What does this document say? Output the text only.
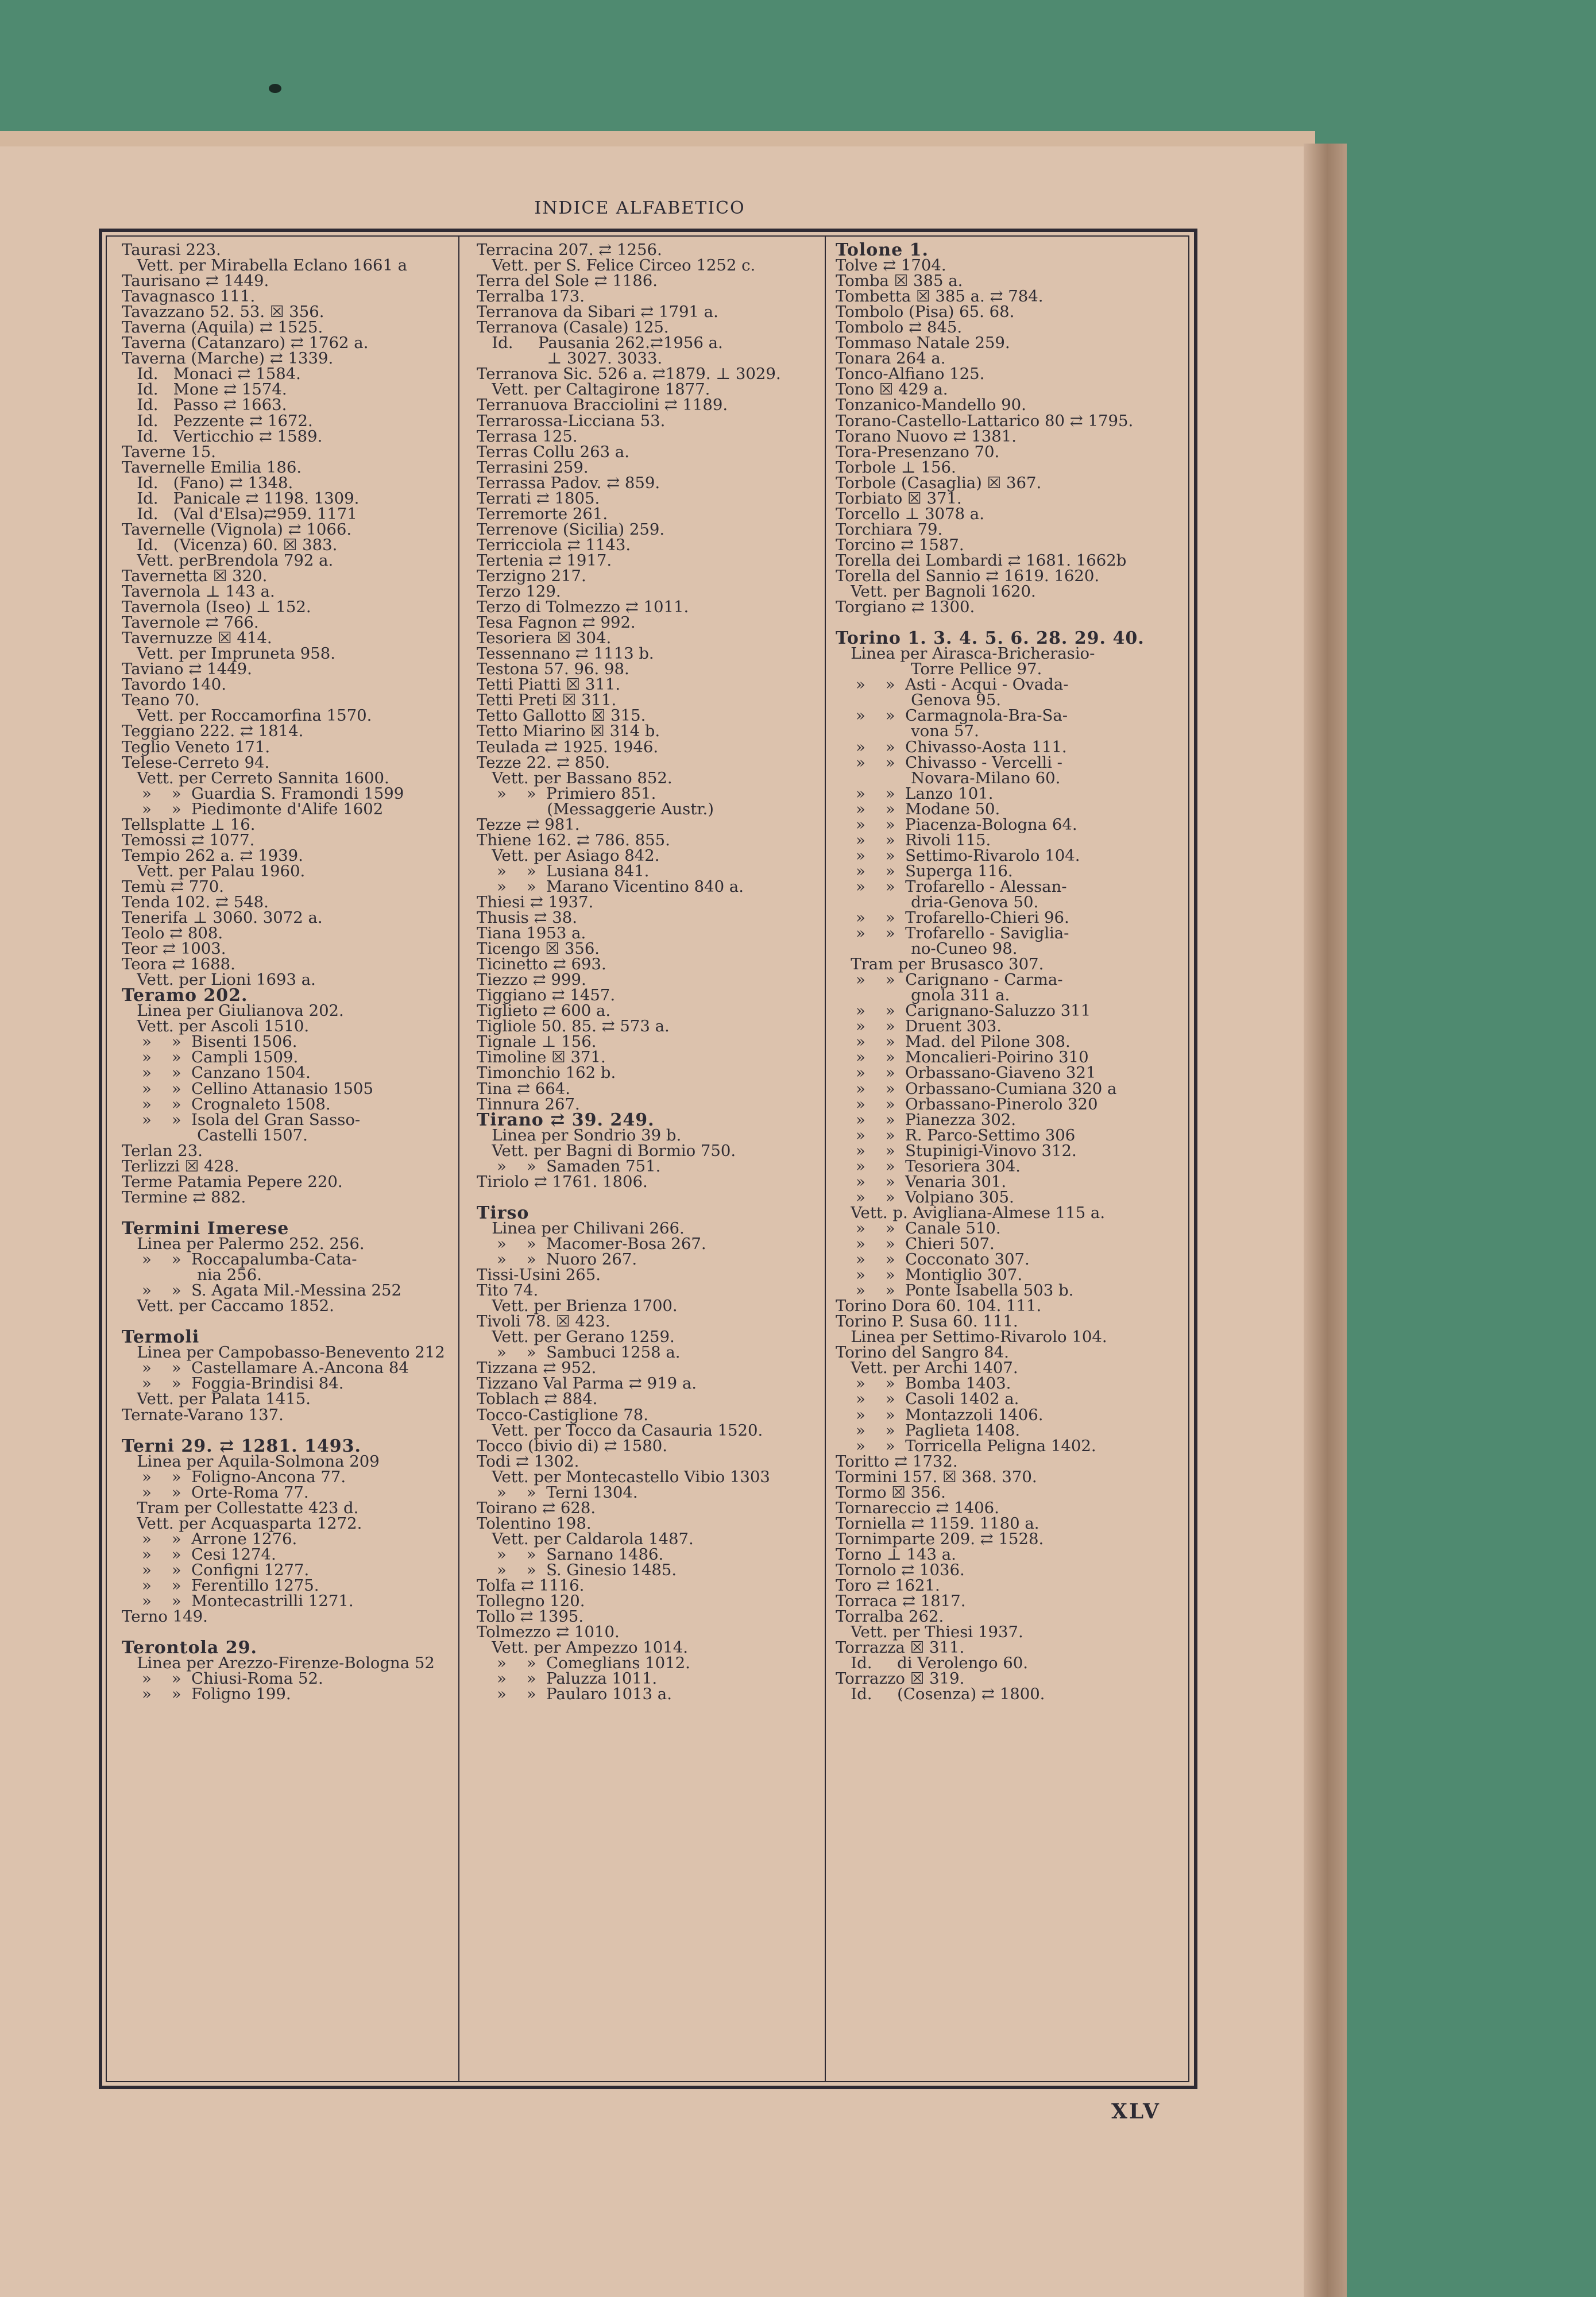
INDICE ALFABETICO
Taurasi 223.
Vett. per Mirabella Eclano 1661 a
Taurisano ⇄ 1449.
Tavagnasco 111.
Tavazzano 52. 53. ☒ 356.
Taverna (Aquila) ⇄ 1525.
Taverna (Catanzaro) ⇄ 1762 a.
Taverna (Marche) ⇄ 1339.
Id.   Monaci ⇄ 1584.
Id.   Mone ⇄ 1574.
Id.   Passo ⇄ 1663.
Id.   Pezzente ⇄ 1672.
Id.   Verticchio ⇄ 1589.
Taverne 15.
Tavernelle Emilia 186.
Id.   (Fano) ⇄ 1348.
Id.   Panicale ⇄ 1198. 1309.
Id.   (Val d'Elsa)⇄959. 1171
Tavernelle (Vignola) ⇄ 1066.
Id.   (Vicenza) 60. ☒ 383.
Vett. perBrendola 792 a.
Tavernetta ☒ 320.
Tavernola ⊥ 143 a.
Tavernola (Iseo) ⊥ 152.
Tavernole ⇄ 766.
Tavernuzze ☒ 414.
Vett. per Impruneta 958.
Taviano ⇄ 1449.
Tavordo 140.
Teano 70.
Vett. per Roccamorfina 1570.
Teggiano 222. ⇄ 1814.
Teglio Veneto 171.
Telese-Cerreto 94.
Vett. per Cerreto Sannita 1600.
»    »  Guardia S. Framondi 1599
»    »  Piedimonte d'Alife 1602
Tellsplatte ⊥ 16.
Temossi ⇄ 1077.
Tempio 262 a. ⇄ 1939.
Vett. per Palau 1960.
Temù ⇄ 770.
Tenda 102. ⇄ 548.
Tenerifa ⊥ 3060. 3072 a.
Teolo ⇄ 808.
Teor ⇄ 1003.
Teora ⇄ 1688.
Vett. per Lioni 1693 a.
Teramo 202.
Linea per Giulianova 202.
Vett. per Ascoli 1510.
»    »  Bisenti 1506.
»    »  Campli 1509.
»    »  Canzano 1504.
»    »  Cellino Attanasio 1505
»    »  Crognaleto 1508.
»    »  Isola del Gran Sasso-
Castelli 1507.
Terlan 23.
Terlizzi ☒ 428.
Terme Patamia Pepere 220.
Termine ⇄ 882.
Termini Imerese
Linea per Palermo 252. 256.
»    »  Roccapalumba-Cata-
nia 256.
»    »  S. Agata Mil.-Messina 252
Vett. per Caccamo 1852.
Termoli
Linea per Campobasso-Benevento 212
»    »  Castellamare A.-Ancona 84
»    »  Foggia-Brindisi 84.
Vett. per Palata 1415.
Ternate-Varano 137.
Terni 29. ⇄ 1281. 1493.
Linea per Aquila-Solmona 209
»    »  Foligno-Ancona 77.
»    »  Orte-Roma 77.
Tram per Collestatte 423 d.
Vett. per Acquasparta 1272.
»    »  Arrone 1276.
»    »  Cesi 1274.
»    »  Configni 1277.
»    »  Ferentillo 1275.
»    »  Montecastrilli 1271.
Terno 149.
Terontola 29.
Linea per Arezzo-Firenze-Bologna 52
»    »  Chiusi-Roma 52.
»    »  Foligno 199.
Terracina 207. ⇄ 1256.
Vett. per S. Felice Circeo 1252 c.
Terra del Sole ⇄ 1186.
Terralba 173.
Terranova da Sibari ⇄ 1791 a.
Terranova (Casale) 125.
Id.     Pausania 262.⇄1956 a.
⊥ 3027. 3033.
Terranova Sic. 526 a. ⇄1879. ⊥ 3029.
Vett. per Caltagirone 1877.
Terranuova Bracciolini ⇄ 1189.
Terrarossa-Licciana 53.
Terrasa 125.
Terras Collu 263 a.
Terrasini 259.
Terrassa Padov. ⇄ 859.
Terrati ⇄ 1805.
Terremorte 261.
Terrenove (Sicilia) 259.
Terricciola ⇄ 1143.
Tertenia ⇄ 1917.
Terzigno 217.
Terzo 129.
Terzo di Tolmezzo ⇄ 1011.
Tesa Fagnon ⇄ 992.
Tesoriera ☒ 304.
Tessennano ⇄ 1113 b.
Testona 57. 96. 98.
Tetti Piatti ☒ 311.
Tetti Preti ☒ 311.
Tetto Gallotto ☒ 315.
Tetto Miarino ☒ 314 b.
Teulada ⇄ 1925. 1946.
Tezze 22. ⇄ 850.
Vett. per Bassano 852.
»    »  Primiero 851.
(Messaggerie Austr.)
Tezze ⇄ 981.
Thiene 162. ⇄ 786. 855.
Vett. per Asiago 842.
»    »  Lusiana 841.
»    »  Marano Vicentino 840 a.
Thiesi ⇄ 1937.
Thusis ⇄ 38.
Tiana 1953 a.
Ticengo ☒ 356.
Ticinetto ⇄ 693.
Tiezzo ⇄ 999.
Tiggiano ⇄ 1457.
Tiglieto ⇄ 600 a.
Tigliole 50. 85. ⇄ 573 a.
Tignale ⊥ 156.
Timoline ☒ 371.
Timonchio 162 b.
Tina ⇄ 664.
Tinnura 267.
Tirano ⇄ 39. 249.
Linea per Sondrio 39 b.
Vett. per Bagni di Bormio 750.
»    »  Samaden 751.
Tiriolo ⇄ 1761. 1806.
Tirso
Linea per Chilivani 266.
»    »  Macomer-Bosa 267.
»    »  Nuoro 267.
Tissi-Usini 265.
Tito 74.
Vett. per Brienza 1700.
Tivoli 78. ☒ 423.
Vett. per Gerano 1259.
»    »  Sambuci 1258 a.
Tizzana ⇄ 952.
Tizzano Val Parma ⇄ 919 a.
Toblach ⇄ 884.
Tocco-Castiglione 78.
Vett. per Tocco da Casauria 1520.
Tocco (bivio di) ⇄ 1580.
Todi ⇄ 1302.
Vett. per Montecastello Vibio 1303
»    »  Terni 1304.
Toirano ⇄ 628.
Tolentino 198.
Vett. per Caldarola 1487.
»    »  Sarnano 1486.
»    »  S. Ginesio 1485.
Tolfa ⇄ 1116.
Tollegno 120.
Tollo ⇄ 1395.
Tolmezzo ⇄ 1010.
Vett. per Ampezzo 1014.
»    »  Comeglians 1012.
»    »  Paluzza 1011.
»    »  Paularo 1013 a.
Tolone 1.
Tolve ⇄ 1704.
Tomba ☒ 385 a.
Tombetta ☒ 385 a. ⇄ 784.
Tombolo (Pisa) 65. 68.
Tombolo ⇄ 845.
Tommaso Natale 259.
Tonara 264 a.
Tonco-Alfiano 125.
Tono ☒ 429 a.
Tonzanico-Mandello 90.
Torano-Castello-Lattarico 80 ⇄ 1795.
Torano Nuovo ⇄ 1381.
Tora-Presenzano 70.
Torbole ⊥ 156.
Torbole (Casaglia) ☒ 367.
Torbiato ☒ 371.
Torcello ⊥ 3078 a.
Torchiara 79.
Torcino ⇄ 1587.
Torella dei Lombardi ⇄ 1681. 1662b
Torella del Sannio ⇄ 1619. 1620.
Vett. per Bagnoli 1620.
Torgiano ⇄ 1300.
Torino 1. 3. 4. 5. 6. 28. 29. 40.
Linea per Airasca-Bricherasio-
Torre Pellice 97.
»    »  Asti - Acqui - Ovada-
Genova 95.
»    »  Carmagnola-Bra-Sa-
vona 57.
»    »  Chivasso-Aosta 111.
»    »  Chivasso - Vercelli -
Novara-Milano 60.
»    »  Lanzo 101.
»    »  Modane 50.
»    »  Piacenza-Bologna 64.
»    »  Rivoli 115.
»    »  Settimo-Rivarolo 104.
»    »  Superga 116.
»    »  Trofarello - Alessan-
dria-Genova 50.
»    »  Trofarello-Chieri 96.
»    »  Trofarello - Saviglia-
no-Cuneo 98.
Tram per Brusasco 307.
»    »  Carignano - Carma-
gnola 311 a.
»    »  Carignano-Saluzzo 311
»    »  Druent 303.
»    »  Mad. del Pilone 308.
»    »  Moncalieri-Poirino 310
»    »  Orbassano-Giaveno 321
»    »  Orbassano-Cumiana 320 a
»    »  Orbassano-Pinerolo 320
»    »  Pianezza 302.
»    »  R. Parco-Settimo 306
»    »  Stupinigi-Vinovo 312.
»    »  Tesoriera 304.
»    »  Venaria 301.
»    »  Volpiano 305.
Vett. p. Avigliana-Almese 115 a.
»    »  Canale 510.
»    »  Chieri 507.
»    »  Cocconato 307.
»    »  Montiglio 307.
»    »  Ponte Isabella 503 b.
Torino Dora 60. 104. 111.
Torino P. Susa 60. 111.
Linea per Settimo-Rivarolo 104.
Torino del Sangro 84.
Vett. per Archi 1407.
»    »  Bomba 1403.
»    »  Casoli 1402 a.
»    »  Montazzoli 1406.
»    »  Paglieta 1408.
»    »  Torricella Peligna 1402.
Toritto ⇄ 1732.
Tormini 157. ☒ 368. 370.
Tormo ☒ 356.
Tornareccio ⇄ 1406.
Torniella ⇄ 1159. 1180 a.
Tornimparte 209. ⇄ 1528.
Torno ⊥ 143 a.
Tornolo ⇄ 1036.
Toro ⇄ 1621.
Torraca ⇄ 1817.
Torralba 262.
Vett. per Thiesi 1937.
Torrazza ☒ 311.
Id.     di Verolengo 60.
Torrazzo ☒ 319.
Id.     (Cosenza) ⇄ 1800.
XLV
